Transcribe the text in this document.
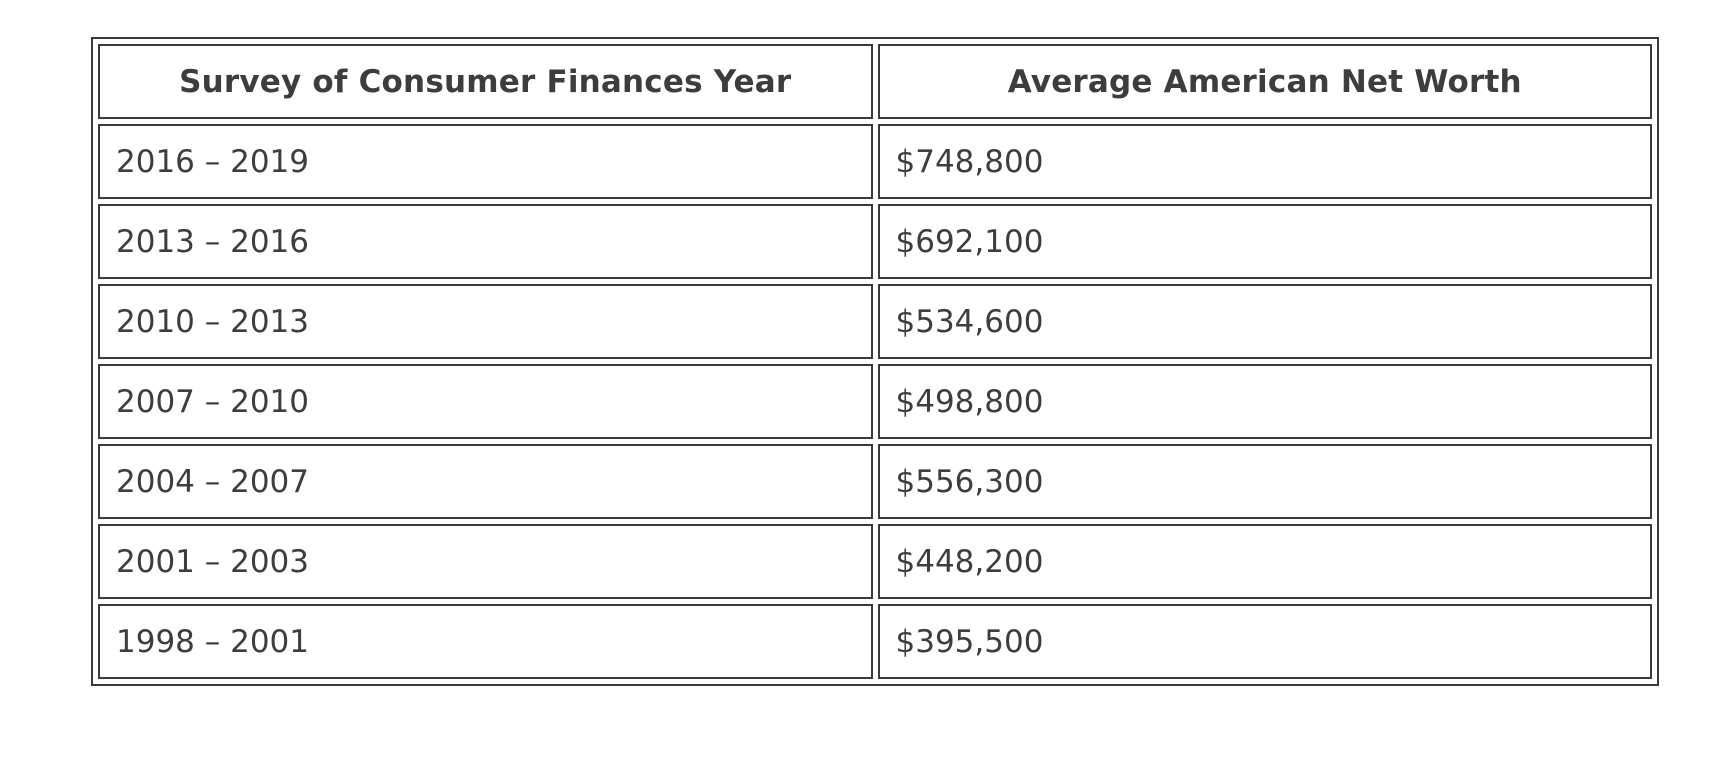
Survey of Consumer Finances Year	Average American Net Worth
2016 – 2019	$748,800
2013 – 2016	$692,100
2010 – 2013	$534,600
2007 – 2010	$498,800
2004 – 2007	$556,300
2001 – 2003	$448,200
1998 – 2001	$395,500
